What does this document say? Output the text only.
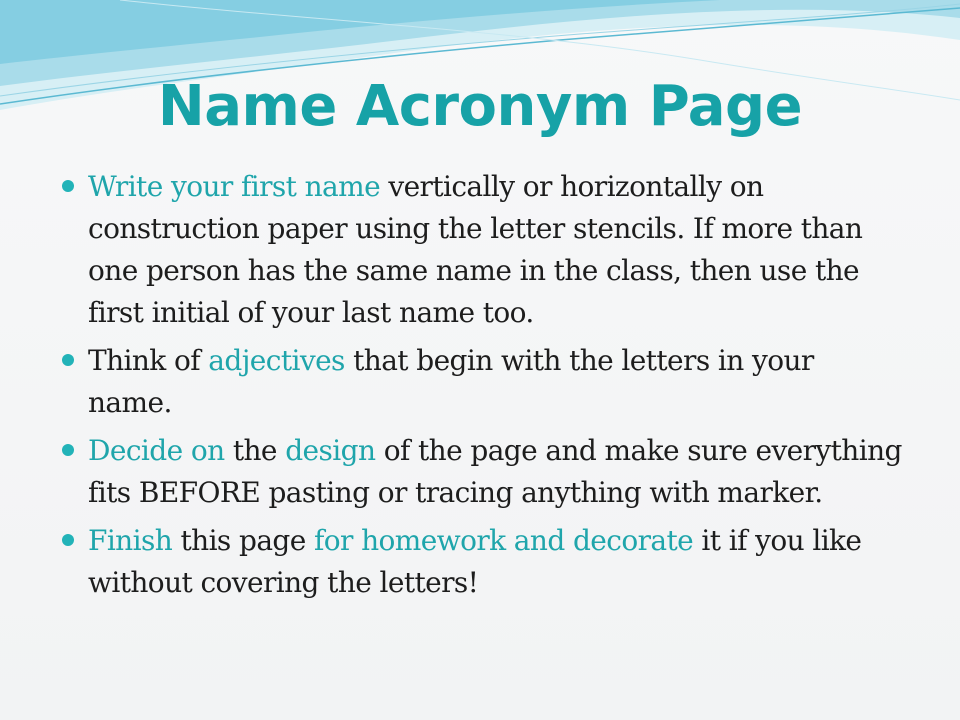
Name Acronym Page
Write your first name vertically or horizontally on construction paper using the letter stencils. If more than one person has the same name in the class, then use the first initial of your last name too.
Think of adjectives that begin with the letters in your name.
Decide on the design of the page and make sure everything fits BEFORE pasting or tracing anything with marker.
Finish this page for homework and decorate it if you like without covering the letters!
